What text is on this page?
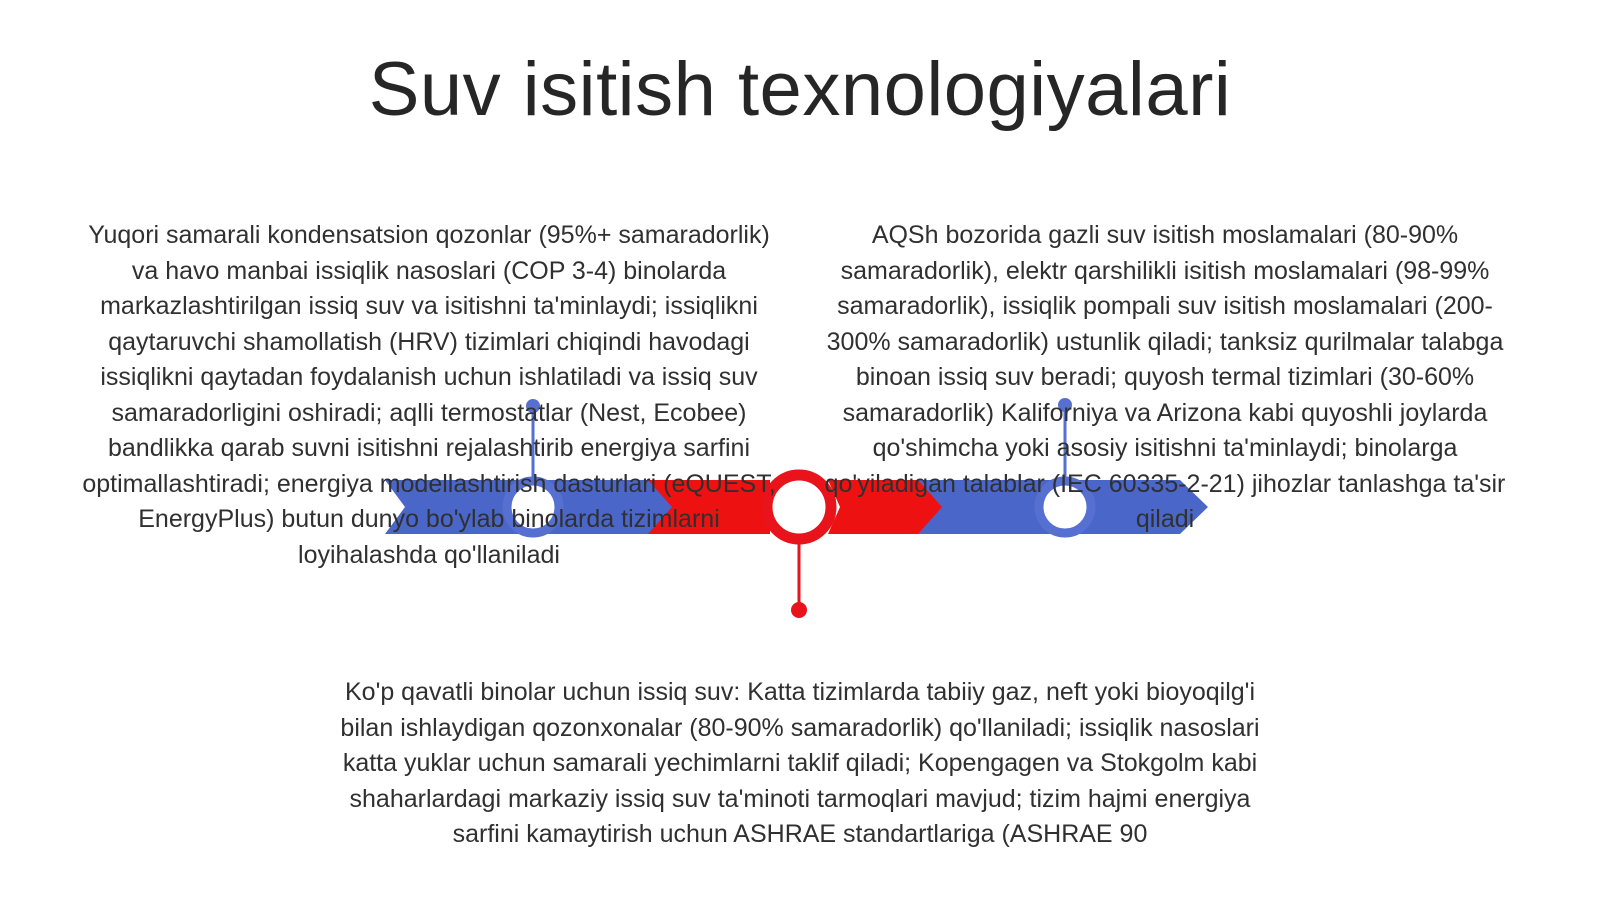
Suv isitish texnologiyalari
Yuqori samarali kondensatsion qozonlar (95%+ samaradorlik) va havo manbai issiqlik nasoslari (COP 3-4) binolarda markazlashtirilgan issiq suv va isitishni ta'minlaydi; issiqlikni qaytaruvchi shamollatish (HRV) tizimlari chiqindi havodagi issiqlikni qaytadan foydalanish uchun ishlatiladi va issiq suv samaradorligini oshiradi; aqlli termostatlar (Nest, Ecobee) bandlikka qarab suvni isitishni rejalashtirib energiya sarfini optimallashtiradi; energiya modellashtirish dasturlari (eQUEST, EnergyPlus) butun dunyo bo'ylab binolarda tizimlarni loyihalashda qo'llaniladi
AQSh bozorida gazli suv isitish moslamalari (80-90% samaradorlik), elektr qarshilikli isitish moslamalari (98-99% samaradorlik), issiqlik pompali suv isitish moslamalari (200-300% samaradorlik) ustunlik qiladi; tanksiz qurilmalar talabga binoan issiq suv beradi; quyosh termal tizimlari (30-60% samaradorlik) Kaliforniya va Arizona kabi quyoshli joylarda qo'shimcha yoki asosiy isitishni ta'minlaydi; binolarga qo'yiladigan talablar (IEC 60335-2-21) jihozlar tanlashga ta'sir qiladi
Ko'p qavatli binolar uchun issiq suv: Katta tizimlarda tabiiy gaz, neft yoki bioyoqilg'i bilan ishlaydigan qozonxonalar (80-90% samaradorlik) qo'llaniladi; issiqlik nasoslari katta yuklar uchun samarali yechimlarni taklif qiladi; Kopengagen va Stokgolm kabi shaharlardagi markaziy issiq suv ta'minoti tarmoqlari mavjud; tizim hajmi energiya sarfini kamaytirish uchun ASHRAE standartlariga (ASHRAE 90
